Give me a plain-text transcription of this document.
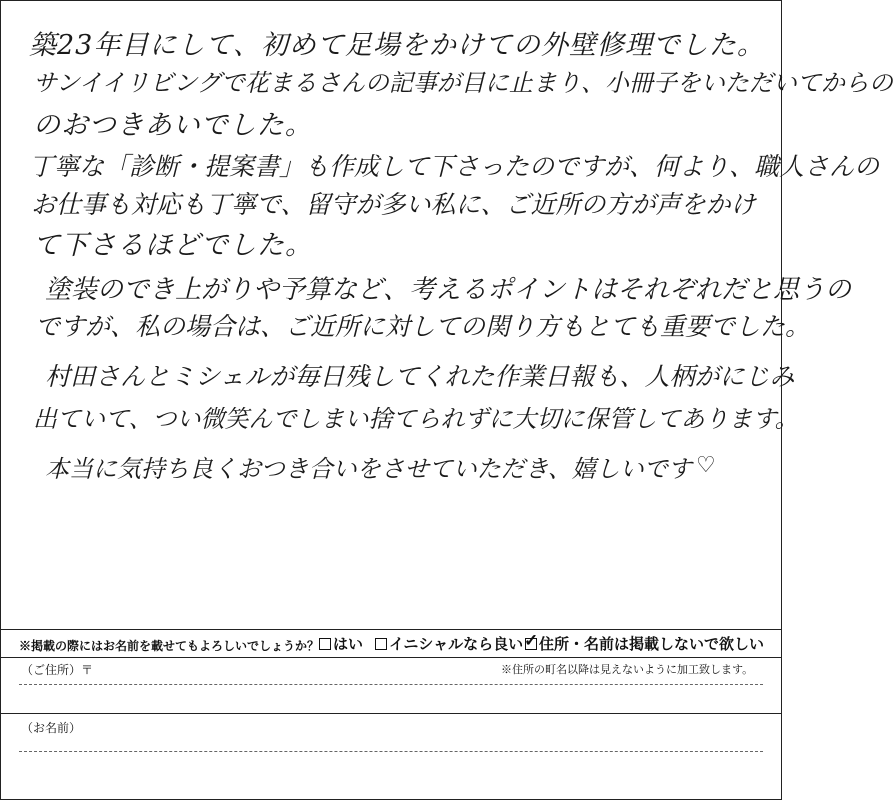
築23年目にして、初めて足場をかけての外壁修理でした。
サンイイリビングで花まるさんの記事が目に止まり、小冊子をいただいてからの
のおつきあいでした。
丁寧な「診断・提案書」も作成して下さったのですが、何より、職人さんの
お仕事も対応も丁寧で、留守が多い私に、ご近所の方が声をかけ
て下さるほどでした。
塗装のでき上がりや予算など、考えるポイントはそれぞれだと思うの
ですが、私の場合は、ご近所に対しての関り方もとても重要でした。
村田さんとミシェルが毎日残してくれた作業日報も、人柄がにじみ
出ていて、つい微笑んでしまい捨てられずに大切に保管してあります。
本当に気持ち良くおつき合いをさせていただき、嬉しいです ♡
※掲載の際にはお名前を載せてもよろしいでしょうか？ はい イニシャルなら良い
✓ 住所・名前は掲載しないで欲しい
（ご住所）〒	※住所の町名以降は見えないように加工致します。
（お名前）
